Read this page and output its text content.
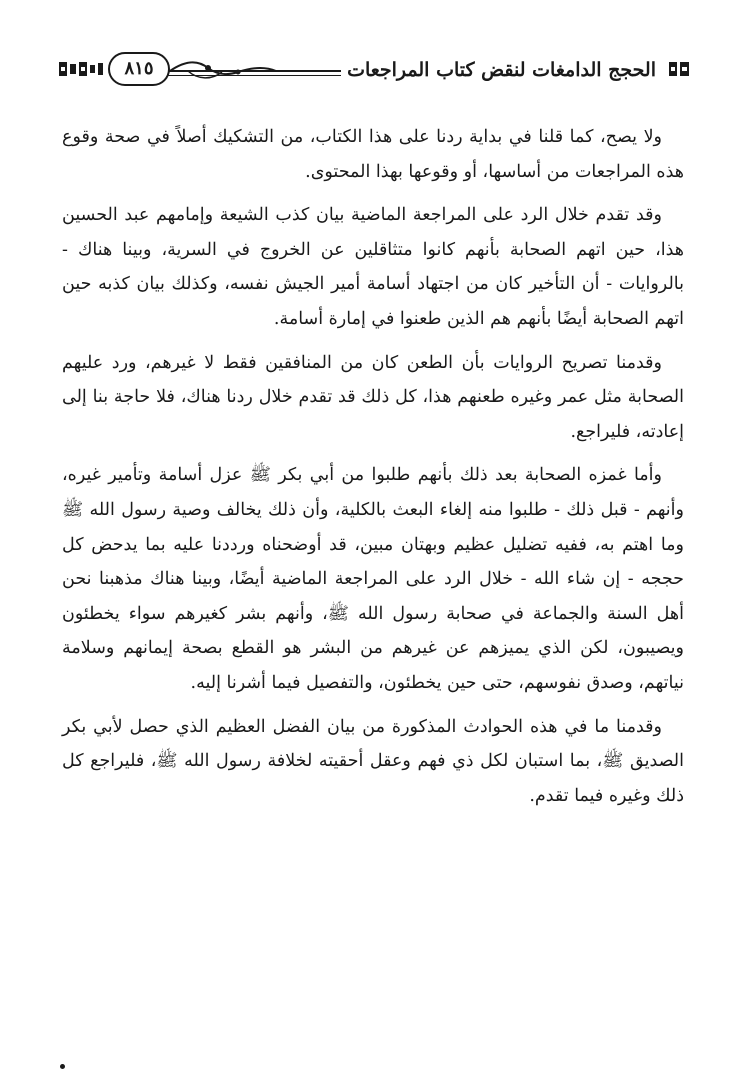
٨١٥	الحجج الدامغات لنقض كتاب المراجعات

ولا يصح، كما قلنا في بداية ردنا على هذا الكتاب، من التشكيك أصلاً في صحة وقوع هذه المراجعات من أساسها، أو وقوعها بهذا المحتوى.

وقد تقدم خلال الرد على المراجعة الماضية بيان كذب الشيعة وإمامهم عبد الحسين هذا، حين اتهم الصحابة بأنهم كانوا متثاقلين عن الخروج في السرية، وبينا هناك - بالروايات - أن التأخير كان من اجتهاد أسامة أمير الجيش نفسه، وكذلك بيان كذبه حين اتهم الصحابة أيضًا بأنهم هم الذين طعنوا في إمارة أسامة.

وقدمنا تصريح الروايات بأن الطعن كان من المنافقين فقط لا غيرهم، ورد عليهم الصحابة مثل عمر وغيره طعنهم هذا، كل ذلك قد تقدم خلال ردنا هناك، فلا حاجة بنا إلى إعادته، فليراجع.

وأما غمزه الصحابة بعد ذلك بأنهم طلبوا من أبي بكر ﷺ عزل أسامة وتأمير غيره، وأنهم - قبل ذلك - طلبوا منه إلغاء البعث بالكلية، وأن ذلك يخالف وصية رسول الله ﷺ وما اهتم به، ففيه تضليل عظيم وبهتان مبين، قد أوضحناه ورددنا عليه بما يدحض كل حججه - إن شاء الله - خلال الرد على المراجعة الماضية أيضًا، وبينا هناك مذهبنا نحن أهل السنة والجماعة في صحابة رسول الله ﷺ، وأنهم بشر كغيرهم سواء يخطئون ويصيبون، لكن الذي يميزهم عن غيرهم من البشر هو القطع بصحة إيمانهم وسلامة نياتهم، وصدق نفوسهم، حتى حين يخطئون، والتفصيل فيما أشرنا إليه.

وقدمنا ما في هذه الحوادث المذكورة من بيان الفضل العظيم الذي حصل لأبي بكر الصديق ﷺ، بما استبان لكل ذي فهم وعقل أحقيته لخلافة رسول الله ﷺ، فليراجع كل ذلك وغيره فيما تقدم.
